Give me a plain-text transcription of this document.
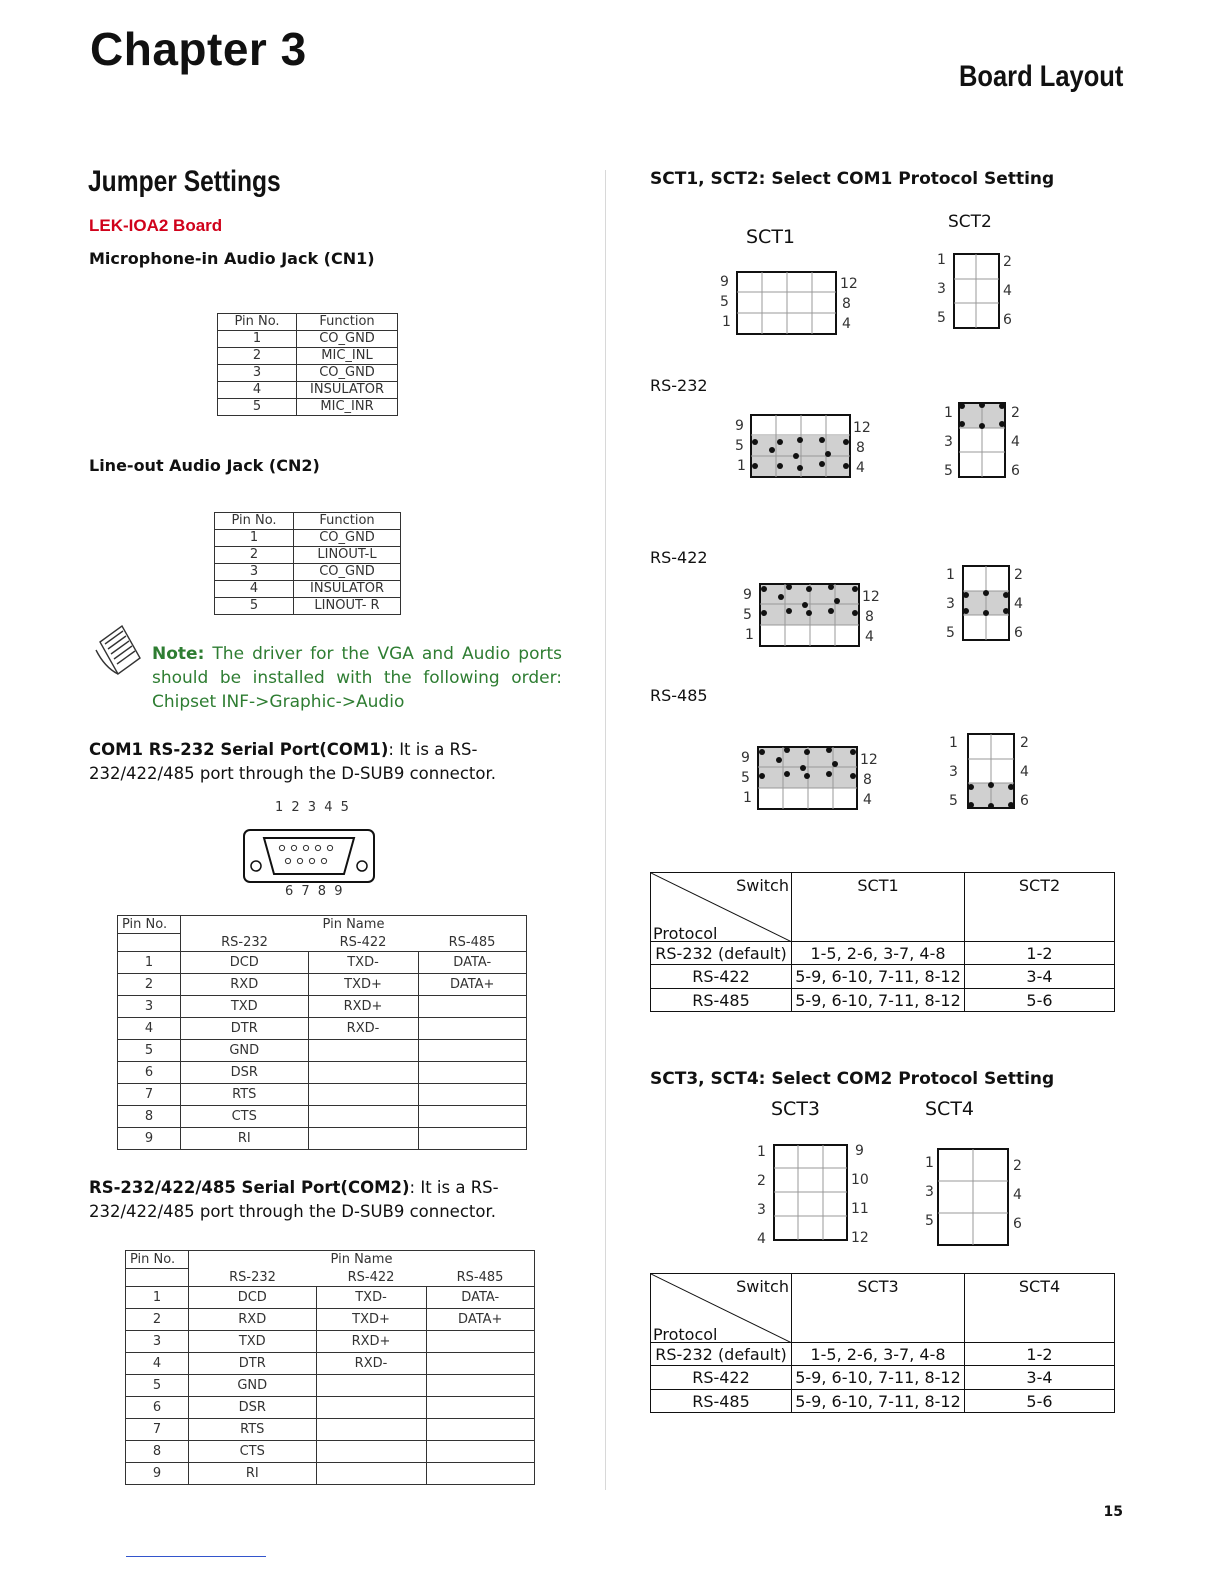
Chapter 3
Board Layout
Jumper Settings
LEK-IOA2 Board
Microphone-in Audio Jack (CN1)
Pin No.	Function
1	CO_GND
2	MIC_INL
3	CO_GND
4	INSULATOR
5	MIC_INR
Line-out Audio Jack (CN2)
Pin No.	Function
1	CO_GND
2	LINOUT-L
3	CO_GND
4	INSULATOR
5	LINOUT- R
Note: The driver for the VGA and Audio ports should be installed with the following order: Chipset INF->Graphic->Audio
COM1 RS-232 Serial Port(COM1): It is a RS-232/422/485 port through the D-SUB9 connector.
1 2 3 4 5
6 7 8 9
Pin No.	Pin Name		
	RS-232	RS-422	RS-485
1	DCD	TXD-	DATA-
2	RXD	TXD+	DATA+
3	TXD	RXD+	
4	DTR	RXD-	
5	GND		
6	DSR		
7	RTS		
8	CTS		
9	RI		
RS-232/422/485 Serial Port(COM2): It is a RS-232/422/485 port through the D-SUB9 connector.
Pin No.	Pin Name		
	RS-232	RS-422	RS-485
1	DCD	TXD-	DATA-
2	RXD	TXD+	DATA+
3	TXD	RXD+	
4	DTR	RXD-	
5	GND		
6	DSR		
7	RTS		
8	CTS		
9	RI		
SCT1, SCT2: Select COM1 Protocol Setting
SCT1
SCT2
9
5
1
12
8
4
1
3
5
2
4
6
RS-232
9
5
1
12
8
4
1
3
5
2
4
6
RS-422
9
5
1
12
8
4
1
3
5
2
4
6
RS-485
9
5
1
12
8
4
1
3
5
2
4
6
Switch
Protocol	SCT1	SCT2
RS-232 (default)	1-5, 2-6, 3-7, 4-8	1-2
RS-422	5-9, 6-10, 7-11, 8-12	3-4
RS-485	5-9, 6-10, 7-11, 8-12	5-6
SCT3, SCT4: Select COM2 Protocol Setting
SCT3	SCT4
1
2
3
4
9
10
11
12
1
3
5
2
4
6
Switch
Protocol	SCT3	SCT4
RS-232 (default)	1-5, 2-6, 3-7, 4-8	1-2
RS-422	5-9, 6-10, 7-11, 8-12	3-4
RS-485	5-9, 6-10, 7-11, 8-12	5-6
15
